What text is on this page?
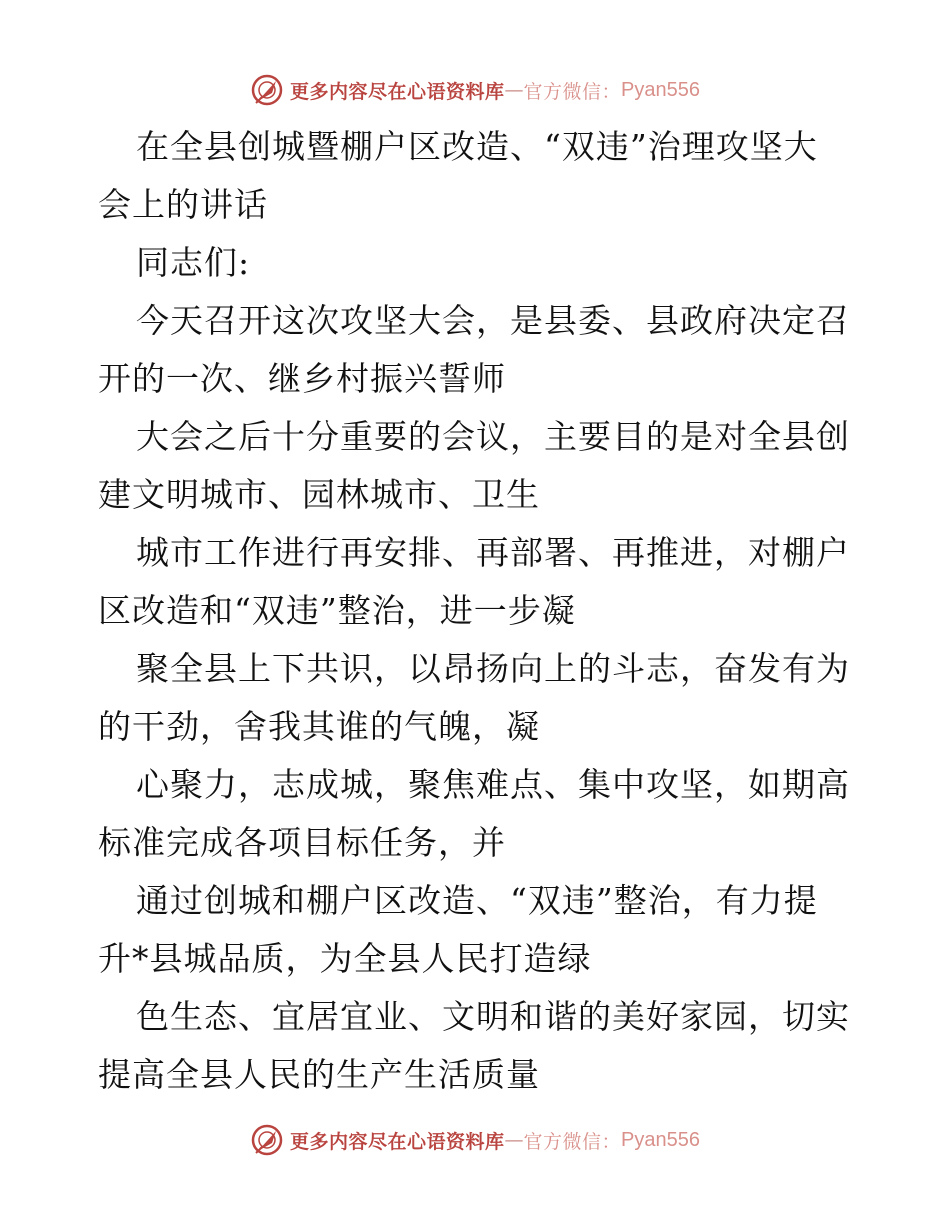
更多内容尽在心语资料库 — 官方微信： Pyan556
在全县创城暨棚户区改造、“双违”治理攻坚大
会上的讲话
同志们:
今天召开这次攻坚大会，是县委、县政府决定召
开的一次、继乡村振兴誓师
大会之后十分重要的会议，主要目的是对全县创
建文明城市、园林城市、卫生
城市工作进行再安排、再部署、再推进，对棚户
区改造和“双违”整治，进一步凝
聚全县上下共识，以昂扬向上的斗志，奋发有为
的干劲，舍我其谁的气魄，凝
心聚力，志成城，聚焦难点、集中攻坚，如期高
标准完成各项目标任务，并
通过创城和棚户区改造、“双违”整治，有力提
升*县城品质，为全县人民打造绿
色生态、宜居宜业、文明和谐的美好家园，切实
提高全县人民的生产生活质量
更多内容尽在心语资料库 — 官方微信： Pyan556
